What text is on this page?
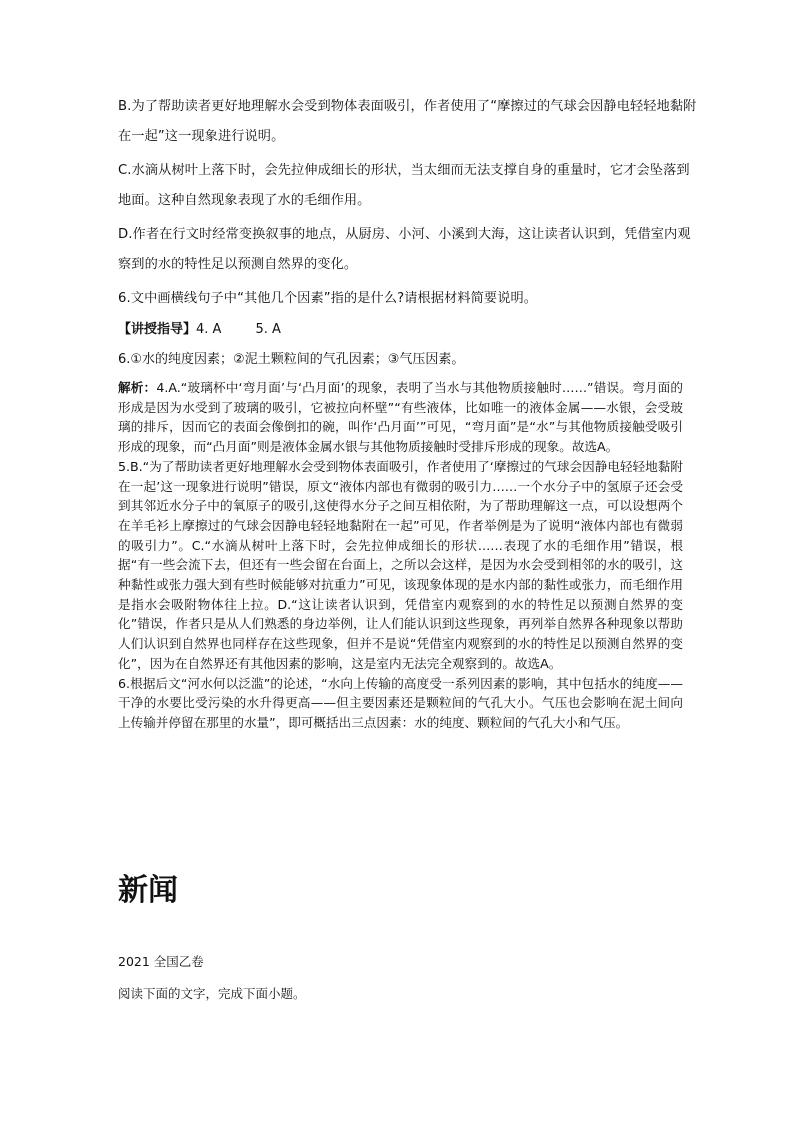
B.为了帮助读者更好地理解水会受到物体表面吸引，作者使用了“摩擦过的气球会因静电轻轻地黏附在一起”这一现象进行说明。

C.水滴从树叶上落下时，会先拉伸成细长的形状，当太细而无法支撑自身的重量时，它才会坠落到地面。这种自然现象表现了水的毛细作用。

D.作者在行文时经常变换叙事的地点，从厨房、小河、小溪到大海，这让读者认识到，凭借室内观察到的水的特性足以预测自然界的变化。

6.文中画横线句子中“其他几个因素”指的是什么?请根据材料简要说明。

【讲授指导】4. A	5. A

6.①水的纯度因素；②泥土颗粒间的气孔因素；③气压因素。

解析：4.A.“玻璃杯中‘弯月面’与‘凸月面’的现象，表明了当水与其他物质接触时……”错误。弯月面的形成是因为水受到了玻璃的吸引，它被拉向杯壁”“有些液体，比如唯一的液体金属——水银，会受玻璃的排斥，因而它的表面会像倒扣的碗，叫作‘凸月面’”可见，“弯月面”是“水”与其他物质接触受吸引形成的现象，而“凸月面”则是液体金属水银与其他物质接触时受排斥形成的现象。故选A。

5.B.“为了帮助读者更好地理解水会受到物体表面吸引，作者使用了‘摩擦过的气球会因静电轻轻地黏附在一起’这一现象进行说明”错误，原文“液体内部也有微弱的吸引力……一个水分子中的氢原子还会受到其邻近水分子中的氧原子的吸引,这使得水分子之间互相依附，为了帮助理解这一点，可以设想两个在羊毛衫上摩擦过的气球会因静电轻轻地黏附在一起”可见，作者举例是为了说明“液体内部也有微弱的吸引力”。C.“水滴从树叶上落下时，会先拉伸成细长的形状……表现了水的毛细作用”错误，根据“有一些会流下去，但还有一些会留在台面上，之所以会这样，是因为水会受到相邻的水的吸引，这种黏性或张力强大到有些时候能够对抗重力”可见，该现象体现的是水内部的黏性或张力，而毛细作用是指水会吸附物体往上拉。D.“这让读者认识到，凭借室内观察到的水的特性足以预测自然界的变化”错误，作者只是从人们熟悉的身边举例，让人们能认识到这些现象，再列举自然界各种现象以帮助人们认识到自然界也同样存在这些现象，但并不是说“凭借室内观察到的水的特性足以预测自然界的变化”，因为在自然界还有其他因素的影响，这是室内无法完全观察到的。故选A。

6.根据后文“河水何以泛滥”的论述，“水向上传输的高度受一系列因素的影响，其中包括水的纯度——干净的水要比受污染的水升得更高——但主要因素还是颗粒间的气孔大小。气压也会影响在泥土间向上传输并停留在那里的水量”，即可概括出三点因素：水的纯度、颗粒间的气孔大小和气压。

新闻

2021 全国乙卷

阅读下面的文字，完成下面小题。
